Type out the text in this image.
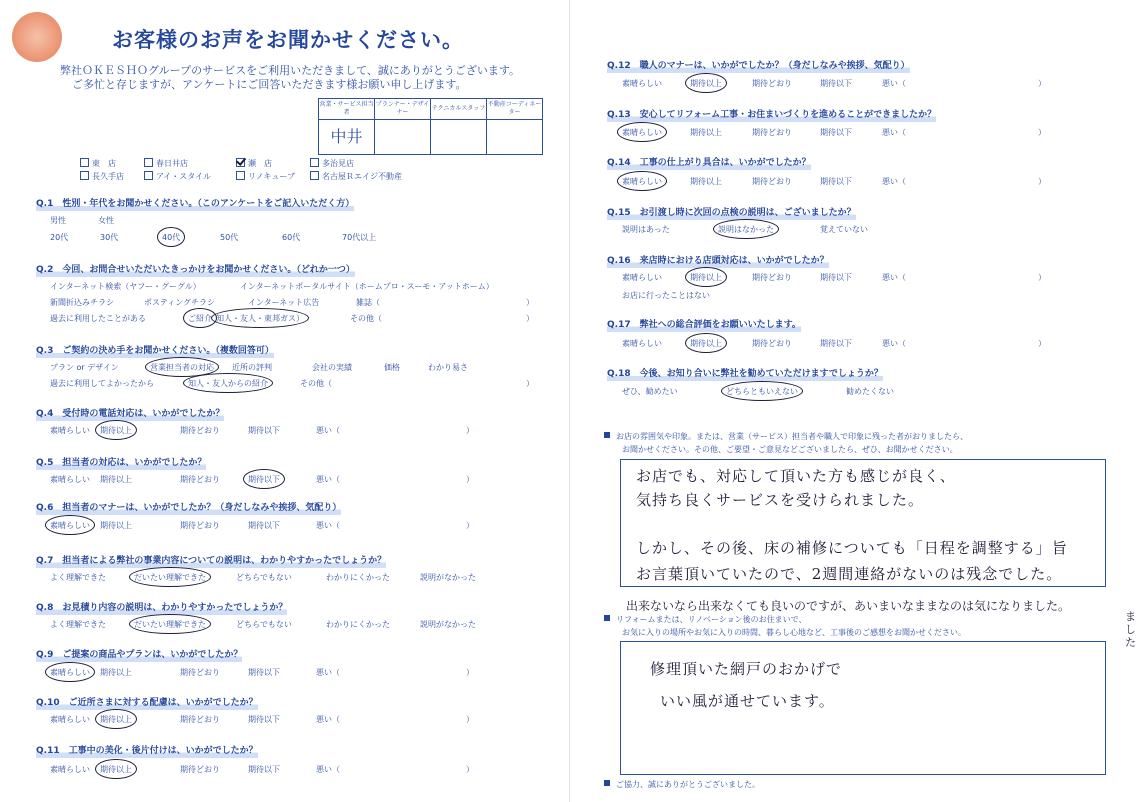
お客様のお声をお聞かせください。
弊社ＯＫＥＳＨＯグループのサービスをご利用いただきまして、誠にありがとうございます。
ご多忙と存じますが、アンケートにご回答いただきます様お願い申し上げます。
営業・サービス担当者	プランナー・デザイナー	テクニカルスタッフ	不動産コーディネーター
中井			
東　店	春日井店	瀬　店	多治見店
長久手店	アイ・スタイル	リノキューブ	名古屋Ｒエイジ不動産
Q.1　性別・年代をお聞かせください。（このアンケートをご記入いただく方）
男性	女性
20代	30代	40代	50代	60代	70代以上
Q.2　今回、お問合せいただいたきっかけをお聞かせください。（どれか一つ）
インターネット検索（ヤフー・グーグル）	インターネットポータルサイト（ホームプロ・スーモ・アットホーム）
新聞折込みチラシ	ポスティングチラシ	インターネット広告	雑誌（	）
過去に利用したことがある	ご紹介 知人・友人・東邦ガス）	その他（	）
Q.3　ご契約の決め手をお聞かせください。（複数回答可）
プラン or デザイン	営業担当者の対応 近所の評判	会社の実績	価格	わかり易さ
過去に利用してよかったから	知人・友人からの紹介	その他（	）
Q.4　受付時の電話対応は、いかがでしたか？
素晴らしい 期待以上	期待どおり	期待以下	悪い（	）
Q.5　担当者の対応は、いかがでしたか？
素晴らしい 期待以上	期待どおり	期待以下	悪い（	）
Q.6　担当者のマナーは、いかがでしたか？（身だしなみや挨拶、気配り）
素晴らしい 期待以上	期待どおり	期待以下	悪い（	）
Q.7　担当者による弊社の事業内容についての説明は、わかりやすかったでしょうか？
よく理解できた	だいたい理解できた	どちらでもない	わかりにくかった	説明がなかった
Q.8　お見積り内容の説明は、わかりやすかったでしょうか？
よく理解できた	だいたい理解できた	どちらでもない	わかりにくかった	説明がなかった
Q.9　ご提案の商品やプランは、いかがでしたか？
素晴らしい 期待以上	期待どおり	期待以下	悪い（	）
Q.10　ご近所さまに対する配慮は、いかがでしたか？
素晴らしい 期待以上	期待どおり	期待以下	悪い（	）
Q.11　工事中の美化・後片付けは、いかがでしたか？
素晴らしい 期待以上	期待どおり	期待以下	悪い（	）
Q.12　職人のマナーは、いかがでしたか？（身だしなみや挨拶、気配り）
素晴らしい	期待以上	期待どおり	期待以下	悪い（	）
Q.13　安心してリフォーム工事・お住まいづくりを進めることができましたか？
素晴らしい	期待以上	期待どおり	期待以下	悪い（	）
Q.14　工事の仕上がり具合は、いかがでしたか？
素晴らしい	期待以上	期待どおり	期待以下	悪い（	）
Q.15　お引渡し時に次回の点検の説明は、ございましたか？
説明はあった	説明はなかった	覚えていない
Q.16　来店時における店頭対応は、いかがでしたか？
素晴らしい	期待以上	期待どおり	期待以下	悪い（	）
お店に行ったことはない
Q.17　弊社への総合評価をお願いいたします。
素晴らしい	期待以上	期待どおり	期待以下	悪い（	）
Q.18　今後、お知り合いに弊社を勧めていただけますでしょうか？
ぜひ、勧めたい	どちらともいえない	勧めたくない
お店の雰囲気や印象。または、営業（サービス）担当者や職人で印象に残った者がおりましたら、
お聞かせください。その他、ご要望・ご意見などございましたら、ぜひ、お聞かせください。
お店でも、対応して頂いた方も感じが良く、
気持ち良くサービスを受けられました。
しかし、その後、床の補修についても「日程を調整する」旨
お言葉頂いていたので、2週間連絡がないのは残念でした。
出来ないなら出来なくても良いのですが、あいまいなままなのは気になりました。
ました
リフォームまたは、リノベーション後のお住まいで、
お気に入りの場所やお気に入りの時間、暮らし心地など、工事後のご感想をお聞かせください。
修理頂いた網戸のおかげで
いい風が通せています。
ご協力、誠にありがとうございました。
